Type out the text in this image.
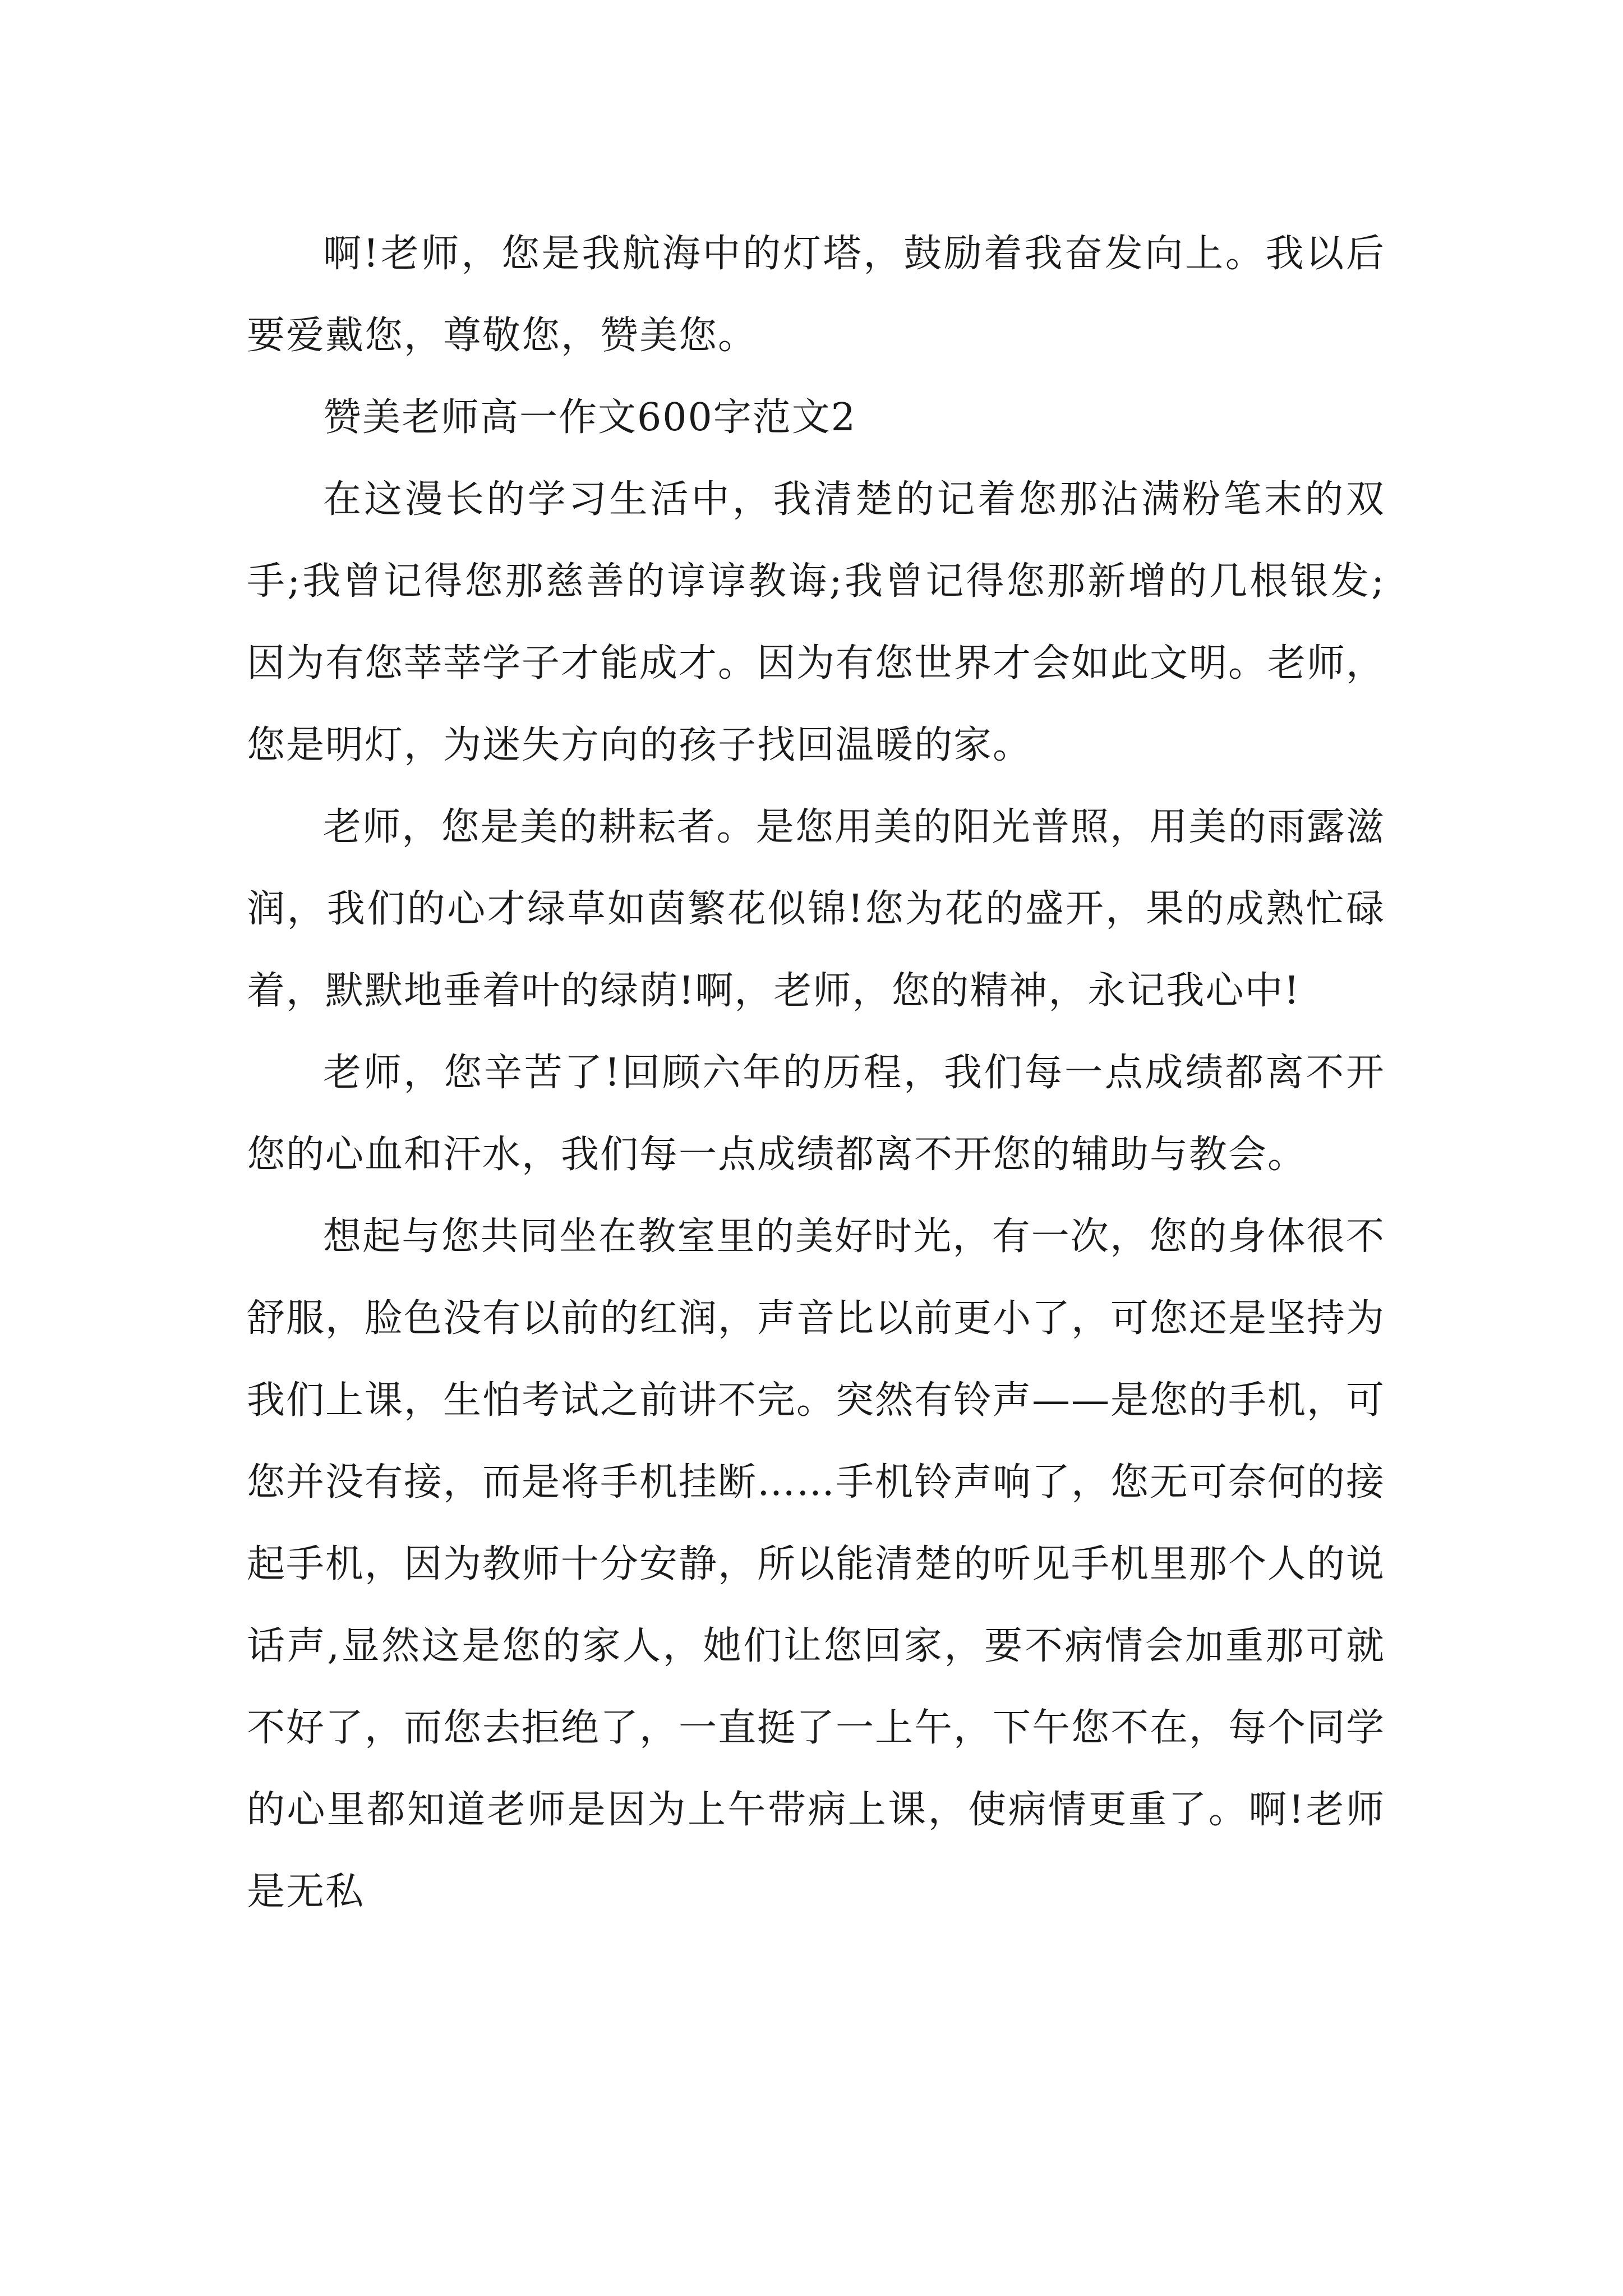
啊!老师，您是我航海中的灯塔，鼓励着我奋发向上。我以后要爱戴您，尊敬您，赞美您。

赞美老师高一作文600字范文2

在这漫长的学习生活中，我清楚的记着您那沾满粉笔末的双手;我曾记得您那慈善的谆谆教诲;我曾记得您那新增的几根银发;因为有您莘莘学子才能成才。因为有您世界才会如此文明。老师，您是明灯，为迷失方向的孩子找回温暖的家。

老师，您是美的耕耘者。是您用美的阳光普照，用美的雨露滋润，我们的心才绿草如茵繁花似锦!您为花的盛开，果的成熟忙碌着，默默地垂着叶的绿荫!啊，老师，您的精神，永记我心中!

老师，您辛苦了!回顾六年的历程，我们每一点成绩都离不开您的心血和汗水，我们每一点成绩都离不开您的辅助与教会。

想起与您共同坐在教室里的美好时光，有一次，您的身体很不舒服，脸色没有以前的红润，声音比以前更小了，可您还是坚持为我们上课，生怕考试之前讲不完。突然有铃声——是您的手机，可您并没有接，而是将手机挂断……手机铃声响了，您无可奈何的接起手机，因为教师十分安静，所以能清楚的听见手机里那个人的说话声,显然这是您的家人，她们让您回家，要不病情会加重那可就不好了，而您去拒绝了，一直挺了一上午，下午您不在，每个同学的心里都知道老师是因为上午带病上课，使病情更重了。啊!老师是无私
